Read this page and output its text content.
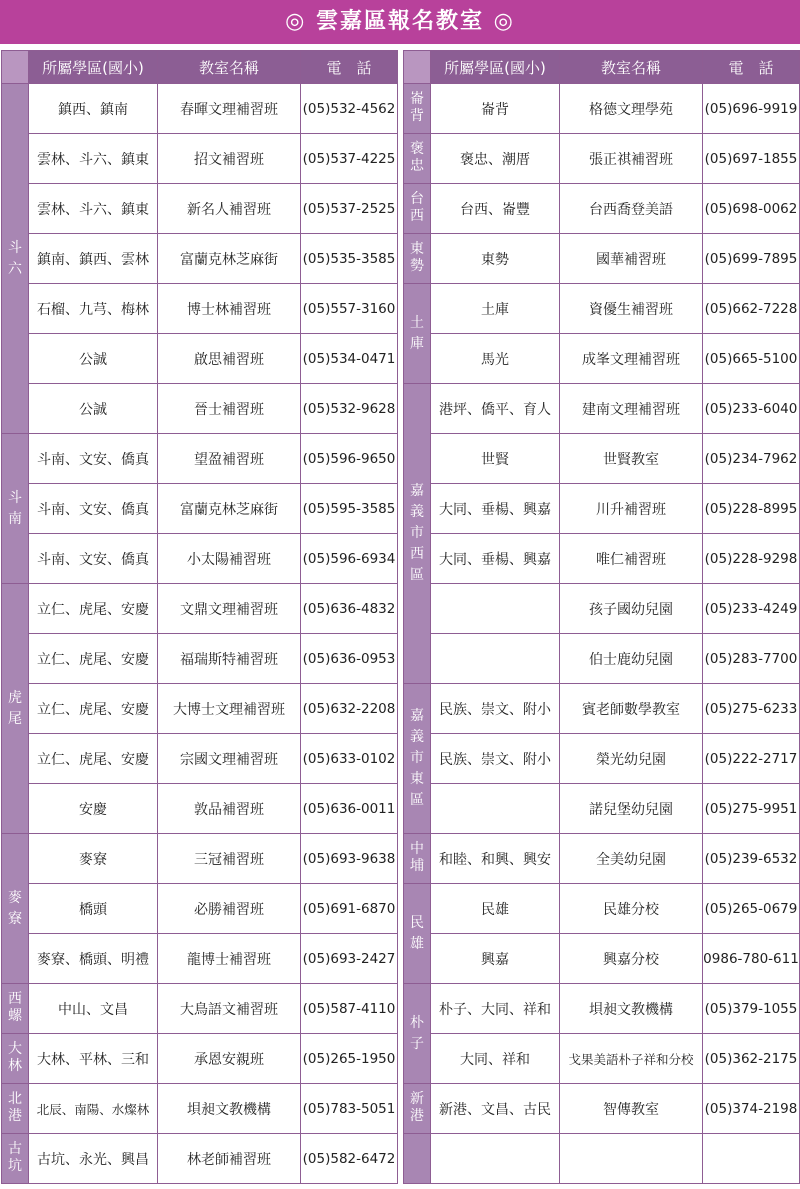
◎ 雲嘉區報名教室 ◎
	所屬學區(國小)	教室名稱	電　話
斗六	鎮西、鎮南	春暉文理補習班	(05)532-4562
	雲林、斗六、鎮東	招文補習班	(05)537-4225
	雲林、斗六、鎮東	新名人補習班	(05)537-2525
	鎮南、鎮西、雲林	富蘭克林芝麻街	(05)535-3585
	石榴、九芎、梅林	博士林補習班	(05)557-3160
	公誠	啟思補習班	(05)534-0471
	公誠	晉士補習班	(05)532-9628
斗南	斗南、文安、僑真	望盈補習班	(05)596-9650
	斗南、文安、僑真	富蘭克林芝麻街	(05)595-3585
	斗南、文安、僑真	小太陽補習班	(05)596-6934
虎尾	立仁、虎尾、安慶	文鼎文理補習班	(05)636-4832
	立仁、虎尾、安慶	福瑞斯特補習班	(05)636-0953
	立仁、虎尾、安慶	大博士文理補習班	(05)632-2208
	立仁、虎尾、安慶	宗國文理補習班	(05)633-0102
	安慶	敦品補習班	(05)636-0011
麥寮	麥寮	三冠補習班	(05)693-9638
	橋頭	必勝補習班	(05)691-6870
	麥寮、橋頭、明禮	龍博士補習班	(05)693-2427
西螺	中山、文昌	大鳥語文補習班	(05)587-4110
大林	大林、平林、三和	承恩安親班	(05)265-1950
北港	北辰、南陽、水燦林	垻昶文教機構	(05)783-5051
古坑	古坑、永光、興昌	林老師補習班	(05)582-6472
	所屬學區(國小)	教室名稱	電　話
崙背	崙背	格德文理學苑	(05)696-9919
褒忠	褒忠、潮厝	張正祺補習班	(05)697-1855
台西	台西、崙豐	台西喬登美語	(05)698-0062
東勢	東勢	國華補習班	(05)699-7895
土庫	土庫	資優生補習班	(05)662-7228
	馬光	成峯文理補習班	(05)665-5100
嘉義市西區	港坪、僑平、育人	建南文理補習班	(05)233-6040
	世賢	世賢教室	(05)234-7962
	大同、垂楊、興嘉	川升補習班	(05)228-8995
	大同、垂楊、興嘉	唯仁補習班	(05)228-9298
		孩子國幼兒園	(05)233-4249
		伯士鹿幼兒園	(05)283-7700
嘉義市東區	民族、崇文、附小	賓老師數學教室	(05)275-6233
	民族、崇文、附小	榮光幼兒園	(05)222-2717
		諾兒堡幼兒園	(05)275-9951
中埔	和睦、和興、興安	全美幼兒園	(05)239-6532
民雄	民雄	民雄分校	(05)265-0679
	興嘉	興嘉分校	0986-780-611
朴子	朴子、大同、祥和	垻昶文教機構	(05)379-1055
	大同、祥和	戈果美語朴子祥和分校	(05)362-2175
新港	新港、文昌、古民	智傳教室	(05)374-2198
